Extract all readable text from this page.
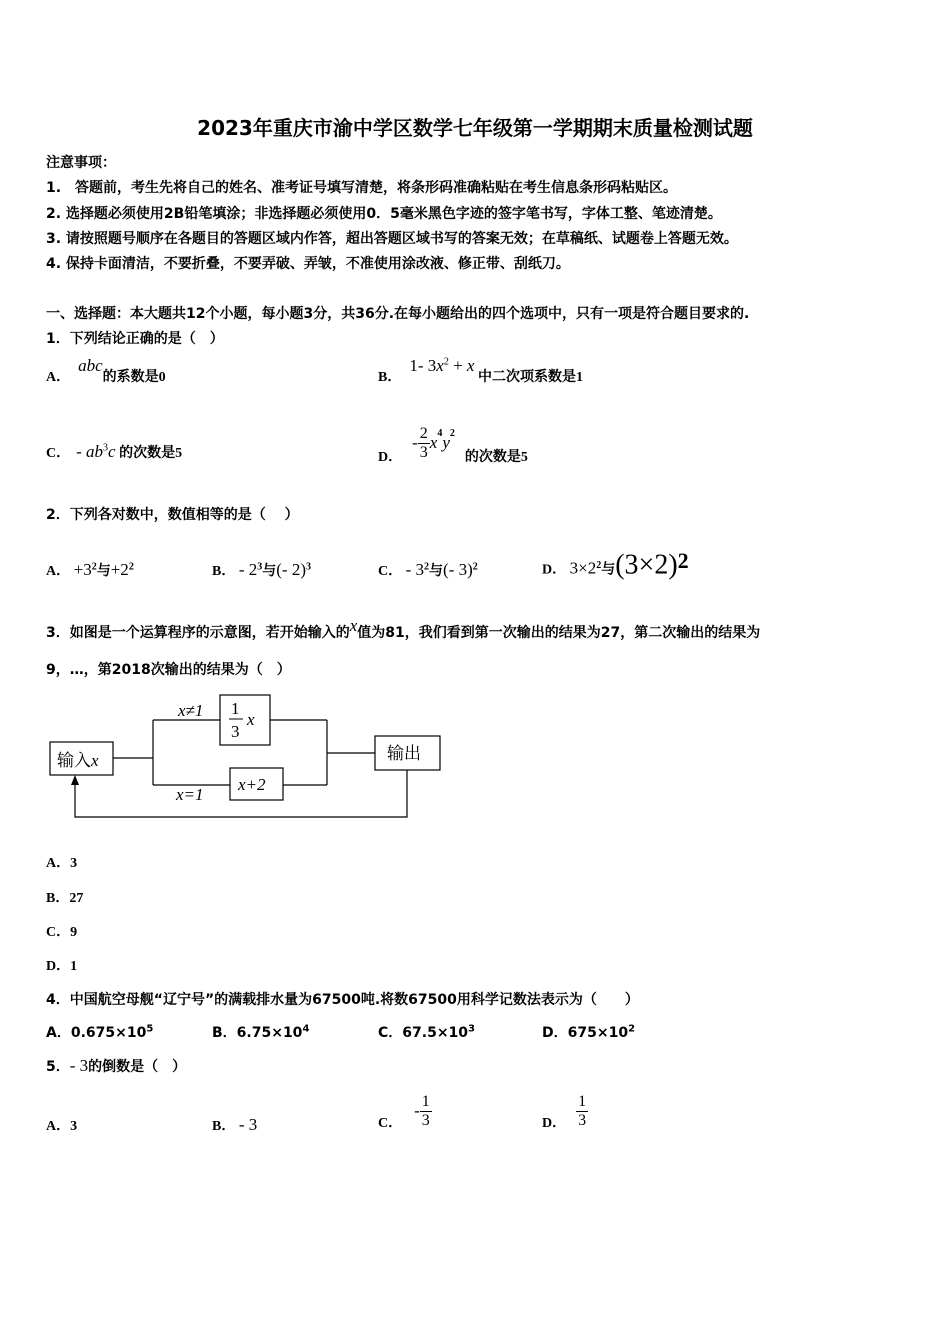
2023年重庆市渝中学区数学七年级第一学期期末质量检测试题
注意事项：
1.　答题前，考生先将自己的姓名、准考证号填写清楚，将条形码准确粘贴在考生信息条形码粘贴区。
2. 选择题必须使用2B铅笔填涂；非选择题必须使用0．5毫米黑色字迹的签字笔书写，字体工整、笔迹清楚。
3. 请按照题号顺序在各题目的答题区域内作答，超出答题区域书写的答案无效；在草稿纸、试题卷上答题无效。
4. 保持卡面清洁，不要折叠，不要弄破、弄皱，不准使用涂改液、修正带、刮纸刀。
一、选择题：本大题共12个小题，每小题3分，共36分.在每小题给出的四个选项中，只有一项是符合题目要求的.
1．下列结论正确的是（　）
A．abc的系数是0	B．1- $3x^2 + x$ 中二次项系数是1
C． - $ab^3c$ 的次数是5	D．
- $\frac{2}{3} x^4$ $y^2$
的次数是5
2．下列各对数中，数值相等的是（　 ）
A． $+3^2$与$+2^2$	B． - $2^3$与(- 2)$^3$	C． - $3^2$与(- 3)$^2$	D． $3\times 2^2$与$(3\times 2)^2$
3．如图是一个运算程序的示意图，若开始输入的x值为81，我们看到第一次输出的结果为27，第二次输出的结果为
9，…，第2018次输出的结果为（　）
输入x
x≠1 1
3
x
x=1
x+2
输出
A．3
B．27
C．9
D．1
4．中国航空母舰“辽宁号”的满载排水量为67500吨.将数67500用科学记数法表示为（　　）
A．$0.675\times 10^5$	B．$6.75\times 10^4$	C．$67.5\times 10^3$	D．$675\times 10^2$
5．- 3的倒数是（　）
A．3	B． - 3	C．
- $\frac{1}{3}$	D． $\frac{1}{3}$
